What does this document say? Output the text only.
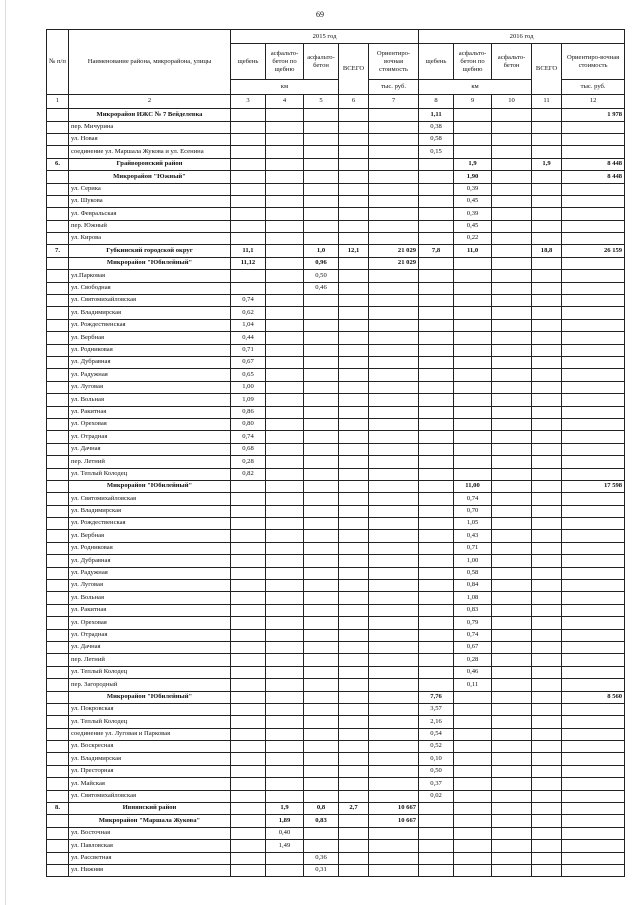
69
№ п/п	Наименование района, микрорайона, улицы	2015 год					2016 год				
		щебень	асфальто-бетон по щебню	асфальто-бетон	ВСЕГО	Ориентиро-вочная стоимость	щебень	асфальто-бетон по щебню	асфальто-бетон	ВСЕГО	Ориентиро-вочная стоимость
		км				тыс. руб.	км				тыс. руб.
1	2	3	4	5	6	7	8	9	10	11	12
	Микрорайон ИЖС № 7 Вейделевка						1,11				1 978
	пер. Мичурина						0,38				
	ул. Новая						0,58				
	соединение ул. Маршала Жукова и ул. Есенина						0,15				
6.	Грайворонский район							1,9		1,9	8 448
	Микрорайон "Южный"							1,90			8 448
	ул. Серика							0,39			
	ул. Шукова							0,45			
	ул. Февральская							0,39			
	пер. Южный							0,45			
	ул. Кирова							0,22			
7.	Губкинский городской округ	11,1		1,0	12,1	21 029	7,8	11,0		18,8	26 159
	Микрорайон "Юбилейный"	11,12		0,96		21 029					
	ул.Парковая			0,50							
	ул. Свободная			0,46							
	ул. Святомихайловская	0,74									
	ул. Владимирская	0,62									
	ул. Рождественская	1,04									
	ул. Вербная	0,44									
	ул. Родниковая	0,71									
	ул. Дубравная	0,67									
	ул. Радужная	0,65									
	ул. Луговая	1,00									
	ул. Вольная	1,09									
	ул. Ракитная	0,86									
	ул. Ореховая	0,80									
	ул. Отрадная	0,74									
	ул. Дачная	0,68									
	пер. Летний	0,28									
	ул. Теплый Колодец	0,82									
	Микрорайон "Юбилейный"							11,00			17 598
	ул. Святомихайловская							0,74			
	ул. Владимирская							0,70			
	ул. Рождественская							1,05			
	ул. Вербная							0,43			
	ул. Родниковая							0,71			
	ул. Дубравная							1,00			
	ул. Радужная							0,58			
	ул. Луговая							0,84			
	ул. Вольная							1,08			
	ул. Ракитная							0,83			
	ул. Ореховая							0,79			
	ул. Отрадная							0,74			
	ул. Дачная							0,67			
	пер. Летний							0,28			
	ул. Теплый Колодец							0,46			
	пер. Загородный							0,11			
	Микрорайон "Юбилейный"						7,76				8 560
	ул. Покровская						3,57				
	ул. Теплый Колодец						2,16				
	соединение ул. Луговая и Парковая						0,54				
	ул. Воскресная						0,52				
	ул. Владимирская						0,10				
	ул. Престорная						0,50				
	ул. Майская						0,37				
	ул. Святомихайловская						0,02				
8.	Ивнянский район		1,9	0,8	2,7	10 667					
	Микрорайон "Маршала Жукова"		1,89	0,83		10 667					
	ул. Восточная		0,40								
	ул. Павловская		1,49								
	ул. Рассветная			0,36							
	ул. Нижняя			0,31							
